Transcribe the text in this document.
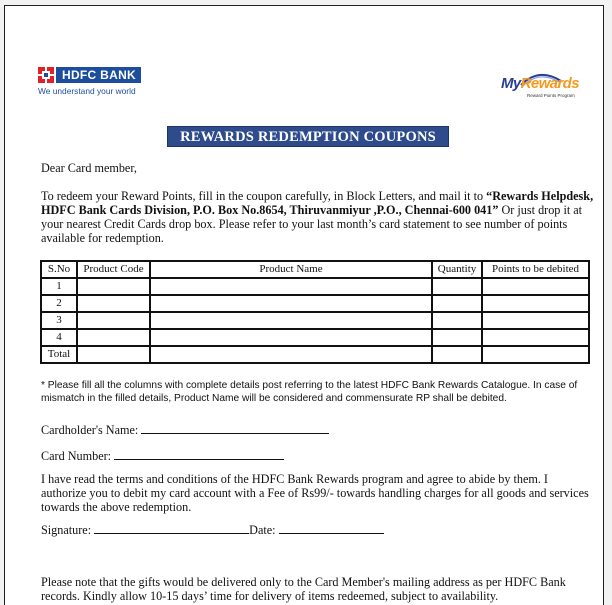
HDFC BANK
We understand your world	MyRewards
Reward Points Program
REWARDS REDEMPTION COUPONS
Dear Card member,
To redeem your Reward Points, fill in the coupon carefully, in Block Letters, and mail it to “Rewards Helpdesk, HDFC Bank Cards Division, P.O. Box No.8654, Thiruvanmiyur ,P.O., Chennai-600 041” Or just drop it at your nearest Credit Cards drop box. Please refer to your last month’s card statement to see number of points available for redemption.
S.No	Product Code	Product Name	Quantity	Points to be debited
1				
2				
3				
4				
Total				
* Please fill all the columns with complete details post referring to the latest HDFC Bank Rewards Catalogue. In case of mismatch in the filled details, Product Name will be considered and commensurate RP shall be debited.
Cardholder's Name:
Card Number:
I have read the terms and conditions of the HDFC Bank Rewards program and agree to abide by them. I authorize you to debit my card account with a Fee of Rs99/- towards handling charges for all goods and services towards the above redemption.
Signature:	Date:
Please note that the gifts would be delivered only to the Card Member's mailing address as per HDFC Bank records. Kindly allow 10-15 days’ time for delivery of items redeemed, subject to availability.
